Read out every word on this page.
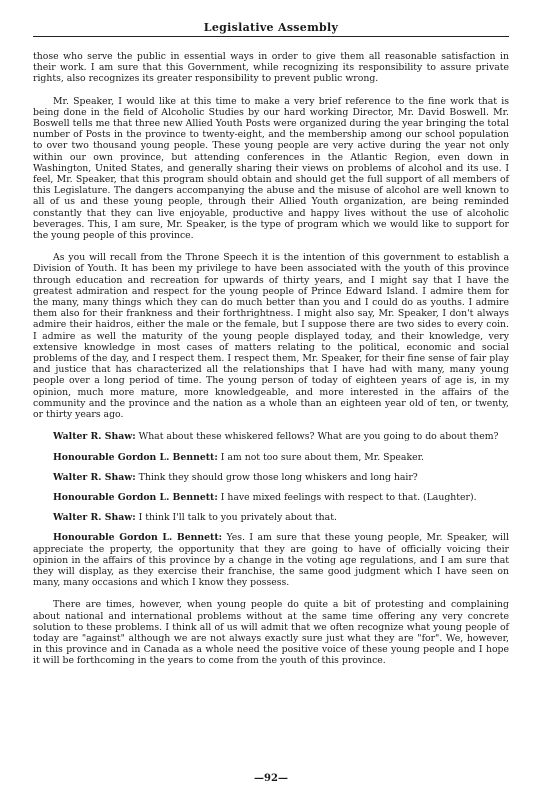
Legislative Assembly

those who serve the public in essential ways in order to give them all reasonable satisfaction in their work. I am sure that this Government, while recognizing its responsibility to assure private rights, also recognizes its greater responsibility to prevent public wrong.

Mr. Speaker, I would like at this time to make a very brief reference to the fine work that is being done in the field of Alcoholic Studies by our hard working Director, Mr. David Boswell. Mr. Boswell tells me that three new Allied Youth Posts were organized during the year bringing the total number of Posts in the province to twenty-eight, and the membership among our school population to over two thousand young people. These young people are very active during the year not only within our own province, but attending conferences in the Atlantic Region, even down in Washington, United States, and generally sharing their views on problems of alcohol and its use. I feel, Mr. Speaker, that this program should obtain and should get the full support of all members of this Legislature. The dangers accompanying the abuse and the misuse of alcohol are well known to all of us and these young people, through their Allied Youth organization, are being reminded constantly that they can live enjoyable, productive and happy lives without the use of alcoholic beverages. This, I am sure, Mr. Speaker, is the type of program which we would like to support for the young people of this province.

As you will recall from the Throne Speech it is the intention of this government to establish a Division of Youth. It has been my privilege to have been associated with the youth of this province through education and recreation for upwards of thirty years, and I might say that I have the greatest admiration and respect for the young people of Prince Edward Island. I admire them for the many, many things which they can do much better than you and I could do as youths. I admire them also for their frankness and their forthrightness. I might also say, Mr. Speaker, I don't always admire their haidros, either the male or the female, but I suppose there are two sides to every coin. I admire as well the maturity of the young people displayed today, and their knowledge, very extensive knowledge in most cases of matters relating to the political, economic and social problems of the day, and I respect them. I respect them, Mr. Speaker, for their fine sense of fair play and justice that has characterized all the relationships that I have had with many, many young people over a long period of time. The young person of today of eighteen years of age is, in my opinion, much more mature, more knowledgeable, and more interested in the affairs of the community and the province and the nation as a whole than an eighteen year old of ten, or twenty, or thirty years ago.

Walter R. Shaw: What about these whiskered fellows? What are you going to do about them?

Honourable Gordon L. Bennett: I am not too sure about them, Mr. Speaker.

Walter R. Shaw: Think they should grow those long whiskers and long hair?

Honourable Gordon L. Bennett: I have mixed feelings with respect to that. (Laughter).

Walter R. Shaw: I think I'll talk to you privately about that.

Honourable Gordon L. Bennett: Yes. I am sure that these young people, Mr. Speaker, will appreciate the property, the opportunity that they are going to have of officially voicing their opinion in the affairs of this province by a change in the voting age regulations, and I am sure that they will display, as they exercise their franchise, the same good judgment which I have seen on many, many occasions and which I know they possess.

There are times, however, when young people do quite a bit of protesting and complaining about national and international problems without at the same time offering any very concrete solution to these problems. I think all of us will admit that we often recognize what young people of today are "against" although we are not always exactly sure just what they are "for". We, however, in this province and in Canada as a whole need the positive voice of these young people and I hope it will be forthcoming in the years to come from the youth of this province.

—92—
